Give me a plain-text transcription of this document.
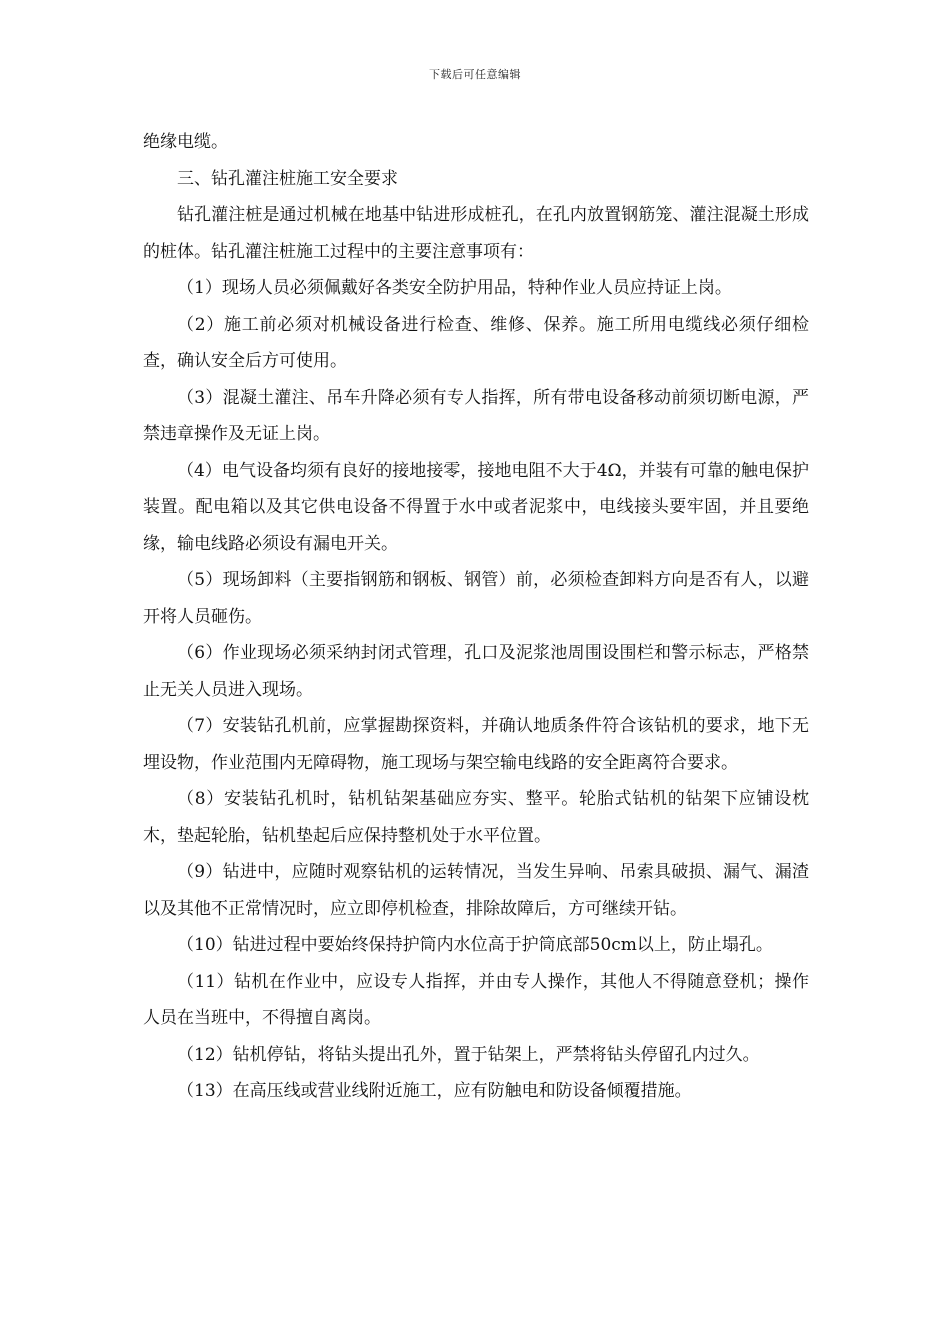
下载后可任意编辑

绝缘电缆。

三、钻孔灌注桩施工安全要求

钻孔灌注桩是通过机械在地基中钻进形成桩孔，在孔内放置钢筋笼、灌注混凝土形成的桩体。钻孔灌注桩施工过程中的主要注意事项有：

（1）现场人员必须佩戴好各类安全防护用品，特种作业人员应持证上岗。

（2）施工前必须对机械设备进行检查、维修、保养。施工所用电缆线必须仔细检查，确认安全后方可使用。

（3）混凝土灌注、吊车升降必须有专人指挥，所有带电设备移动前须切断电源，严禁违章操作及无证上岗。

（4）电气设备均须有良好的接地接零，接地电阻不大于4Ω，并装有可靠的触电保护装置。配电箱以及其它供电设备不得置于水中或者泥浆中，电线接头要牢固，并且要绝缘，输电线路必须设有漏电开关。

（5）现场卸料（主要指钢筋和钢板、钢管）前，必须检查卸料方向是否有人，以避开将人员砸伤。

（6）作业现场必须采纳封闭式管理，孔口及泥浆池周围设围栏和警示标志，严格禁止无关人员进入现场。

（7）安装钻孔机前，应掌握勘探资料，并确认地质条件符合该钻机的要求，地下无埋设物，作业范围内无障碍物，施工现场与架空输电线路的安全距离符合要求。

（8）安装钻孔机时，钻机钻架基础应夯实、整平。轮胎式钻机的钻架下应铺设枕木，垫起轮胎，钻机垫起后应保持整机处于水平位置。

（9）钻进中，应随时观察钻机的运转情况，当发生异响、吊索具破损、漏气、漏渣以及其他不正常情况时，应立即停机检查，排除故障后，方可继续开钻。

（10）钻进过程中要始终保持护筒内水位高于护筒底部50cm以上，防止塌孔。

（11）钻机在作业中，应设专人指挥，并由专人操作，其他人不得随意登机；操作人员在当班中，不得擅自离岗。

（12）钻机停钻，将钻头提出孔外，置于钻架上，严禁将钻头停留孔内过久。

（13）在高压线或营业线附近施工，应有防触电和防设备倾覆措施。
